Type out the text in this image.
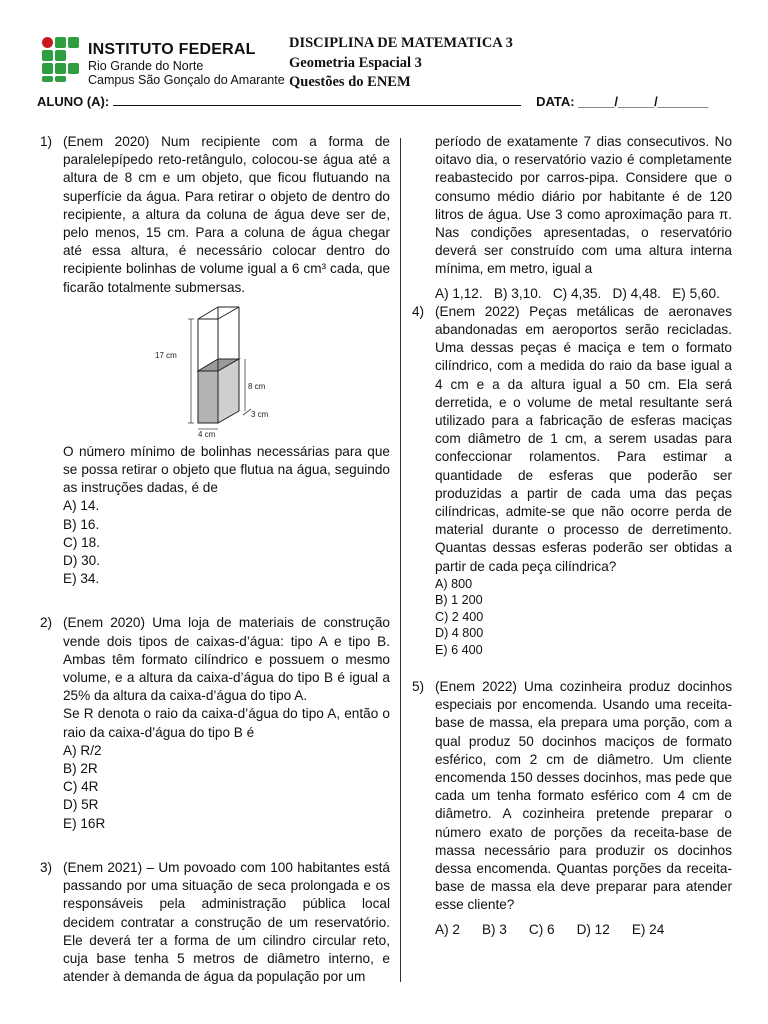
INSTITUTO FEDERAL
Rio Grande do Norte
Campus São Gonçalo do Amarante
DISCIPLINA DE MATEMATICA 3
Geometria Espacial 3
Questões do ENEM
ALUNO (A):	DATA: _____/_____/_______
1) (Enem 2020) Num recipiente com a forma de paralelepípedo reto-retângulo, colocou-se água até a altura de 8 cm e um objeto, que ficou flutuando na superfície da água. Para retirar o objeto de dentro do recipiente, a altura da coluna de água deve ser de, pelo menos, 15 cm. Para a coluna de água chegar até essa altura, é necessário colocar dentro do recipiente bolinhas de volume igual a 6 cm³ cada, que ficarão totalmente submersas.

17 cm
8 cm
4 cm
3 cm

O número mínimo de bolinhas necessárias para que se possa retirar o objeto que flutua na água, seguindo as instruções dadas, é de

A) 14.
B) 16.
C) 18.
D) 30.
E) 34.
2) (Enem 2020) Uma loja de materiais de construção vende dois tipos de caixas-d’água: tipo A e tipo B. Ambas têm formato cilíndrico e possuem o mesmo volume, e a altura da caixa-d’água do tipo B é igual a 25% da altura da caixa-d’água do tipo A.

Se R denota o raio da caixa-d’água do tipo A, então o raio da caixa-d’água do tipo B é

A) R/2
B) 2R
C) 4R
D) 5R
E) 16R
3) (Enem 2021) – Um povoado com 100 habitantes está passando por uma situação de seca prolongada e os responsáveis pela administração pública local decidem contratar a construção de um reservatório. Ele deverá ter a forma de um cilindro circular reto, cuja base tenha 5 metros de diâmetro interno, e atender à demanda de água da população por um

período de exatamente 7 dias consecutivos. No oitavo dia, o reservatório vazio é completamente reabastecido por carros-pipa. Considere que o consumo médio diário por habitante é de 120 litros de água. Use 3 como aproximação para π. Nas condições apresentadas, o reservatório deverá ser construído com uma altura interna mínima, em metro, igual a

A) 1,12.   B) 3,10.   C) 4,35.   D) 4,48.   E) 5,60.

4) (Enem 2022) Peças metálicas de aeronaves abandonadas em aeroportos serão recicladas. Uma dessas peças é maciça e tem o formato cilíndrico, com a medida do raio da base igual a 4 cm e a da altura igual a 50 cm. Ela será derretida, e o volume de metal resultante será utilizado para a fabricação de esferas maciças com diâmetro de 1 cm, a serem usadas para confeccionar rolamentos. Para estimar a quantidade de esferas que poderão ser produzidas a partir de cada uma das peças cilíndricas, admite-se que não ocorre perda de material durante o processo de derretimento. Quantas dessas esferas poderão ser obtidas a partir de cada peça cilíndrica?

A) 800
B) 1 200
C) 2 400
D) 4 800
E) 6 400
5) (Enem 2022) Uma cozinheira produz docinhos especiais por encomenda. Usando uma receita-base de massa, ela prepara uma porção, com a qual produz 50 docinhos maciços de formato esférico, com 2 cm de diâmetro. Um cliente encomenda 150 desses docinhos, mas pede que cada um tenha formato esférico com 4 cm de diâmetro. A cozinheira pretende preparar o número exato de porções da receita-base de massa necessário para produzir os docinhos dessa encomenda. Quantas porções da receita-base de massa ela deve preparar para atender esse cliente?

A) 2 B) 3 C) 6 D) 12 E) 24
